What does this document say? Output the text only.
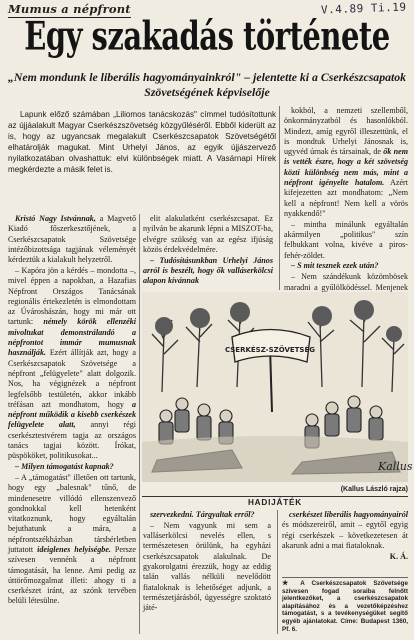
Mumus a népfront	V.4.89 Ti.19
Egy szakadás története
„Nem mondunk le liberális hagyományainkról" – jelentette ki a Cserkészcsapatok Szövetségének képviselője

Lapunk előző számában „Liliomos tanácskozás" címmel tudósítottunk az újjáalakult Magyar Cserkészszövetség közgyűléséről. Ebből kiderült az is, hogy az ugyancsak megalakult Cserkészcsapatok Szövetségétől elhatárolják magukat. Mint Urhelyi János, az egyik újjászervező nyilatkozatában olvashattuk: elvi különbségek miatt. A Vasárnapi Hírek megkérdezte a másik felet is.

Kristó Nagy Istvánnak, a Magvető Kiadó főszerkesztőjének, a Cserkészcsapatok Szövetsége intézőbizottsága tagjának véleményét kérdeztük a kialakult helyzetről.

– Kapóra jön a kérdés – mondotta –, mivel éppen a napokban, a Hazafias Népfront Országos Tanácsának regionális értekezletén is elmondottam az Úvároshászán, hogy mi már ott tartunk: némely körök ellenzéki mivoltukat demonstrálandó a népfrontot immár mumusnak használják. Ezért állítják azt, hogy a Cserkészcsapatok Szövetsége a népfront „felügyelete" alatt dolgozik. Nos, ha végignézek a népfront legfelsőbb testületén, akkor inkább tréfásan azt mondhatom, hogy a népfront működik a kisebb cserkészek felügyelete alatt, annyi régi cserkésztestvérem tagja az országos tanács tagjai között. Írókat, püspököket, politikusokat...

– Milyen támogatást kapnak?

– A „támogatást" illetően ott tartunk, hogy egy „balesnak" tűnő, de mindenesetre villódó ellenszenvező gondnokkal kell hetenként vitatkoznunk, hogy egyáltalán bejuthatunk a mára, a népfrontszékházban társbérletben juttatott ideiglenes helyiségbe. Persze szívesen vennénk a népfront támogatását, ha lenne. Ami pedig az úttörőmozgalmat illeti: ahogy ti a cserkészet iránt, az szónk tervében belüli létesülne.

elit alakulatként cserkészcsapat. Ez nyilván be akarunk lépni a MISZOT-ba, elvégre szükség van az egész ifjúság közös érdekvédelmére.

– Tudósításunkban Urhelyi János arról is beszélt, hogy ők valláserkölcsi alapon kívánnak

kokból, a nemzeti szellemből, önkormányzatból és hasonlókból. Mindezt, amíg egyről illeszettünk, el is mondtuk Urhelyi Jánosnak is, ugyvéd úrnak és társainak, de ők nem is vették észre, hogy a két szövetség közti különbség nem más, mint a népfront igényelte hatalom. Azért kifejezetten azt mondhatom: „Nem kell a népfront! Nem kell a vörös nyakkendő!"

– mintha minálunk egyáltalán akármilyen „politikus" szín felbukkant volna, kivéve a piros-fehér-zöldet.

– S mit tesznek ezek után?

– Nem szándékunk közömbösek maradni a gyűlölködéssel. Menjenek

CSERKÉSZ-SZÖVETSÉG
Kallus
(Kallus László rajza)
HADIJÁTÉK

szervezkedni. Tárgyaltak erről?

– Nem vagyunk mi sem a valláserkölcsi nevelés ellen, s természetesen örülünk, ha egyházi cserkészcsapatok alakulnak. De gyakorolgatni érezzük, hogy az eddig talán vallás nélküli nevelődött fiataloknak is lehetőséget adjunk, a természetjárásból, ügyességre szoktató játé-

cserkészet liberális hagyományairól és módszereiről, amit – egytől egyig régi cserkészek – következetesen át akarunk adni a mai fiataloknak.

K. Á.

★ A Cserkészcsapatok Szövetsége szívesen fogad soraiba felnőtt jelentkezőket, a cserkészcsapatok alapításához és a vezetőképzéshez támogatást, s a tevékenységüket segítő egyéb ajánlatokat. Címe: Budapest 1360, Pf. 6.
